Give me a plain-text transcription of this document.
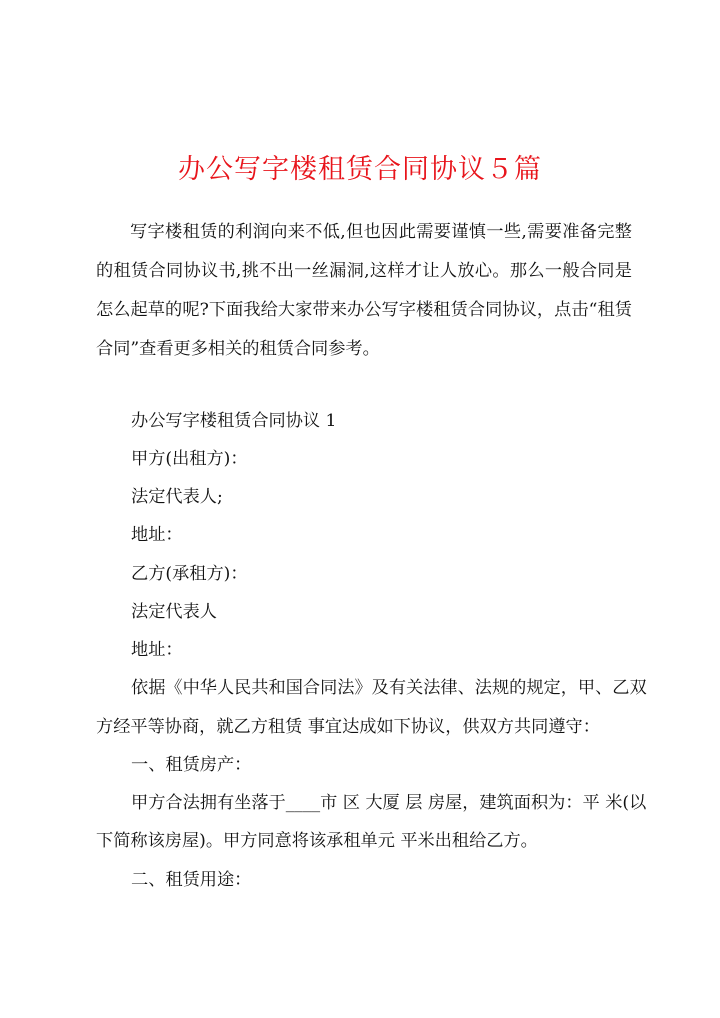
办公写字楼租赁合同协议５篇

写字楼租赁的利润向来不低,但也因此需要谨慎一些,需要准备完整的租赁合同协议书,挑不出一丝漏洞,这样才让人放心。那么一般合同是怎么起草的呢?下面我给大家带来办公写字楼租赁合同协议，点击“租赁合同”查看更多相关的租赁合同参考。

办公写字楼租赁合同协议 1

甲方(出租方)：

法定代表人;

地址：

乙方(承租方)：

法定代表人

地址：

依据《中华人民共和国合同法》及有关法律、法规的规定，甲、乙双

方经平等协商，就乙方租赁 事宜达成如下协议，供双方共同遵守：

一、租赁房产：

甲方合法拥有坐落于____市 区 大厦 层 房屋，建筑面积为：平 米(以

下简称该房屋)。甲方同意将该承租单元 平米出租给乙方。

二、租赁用途：
